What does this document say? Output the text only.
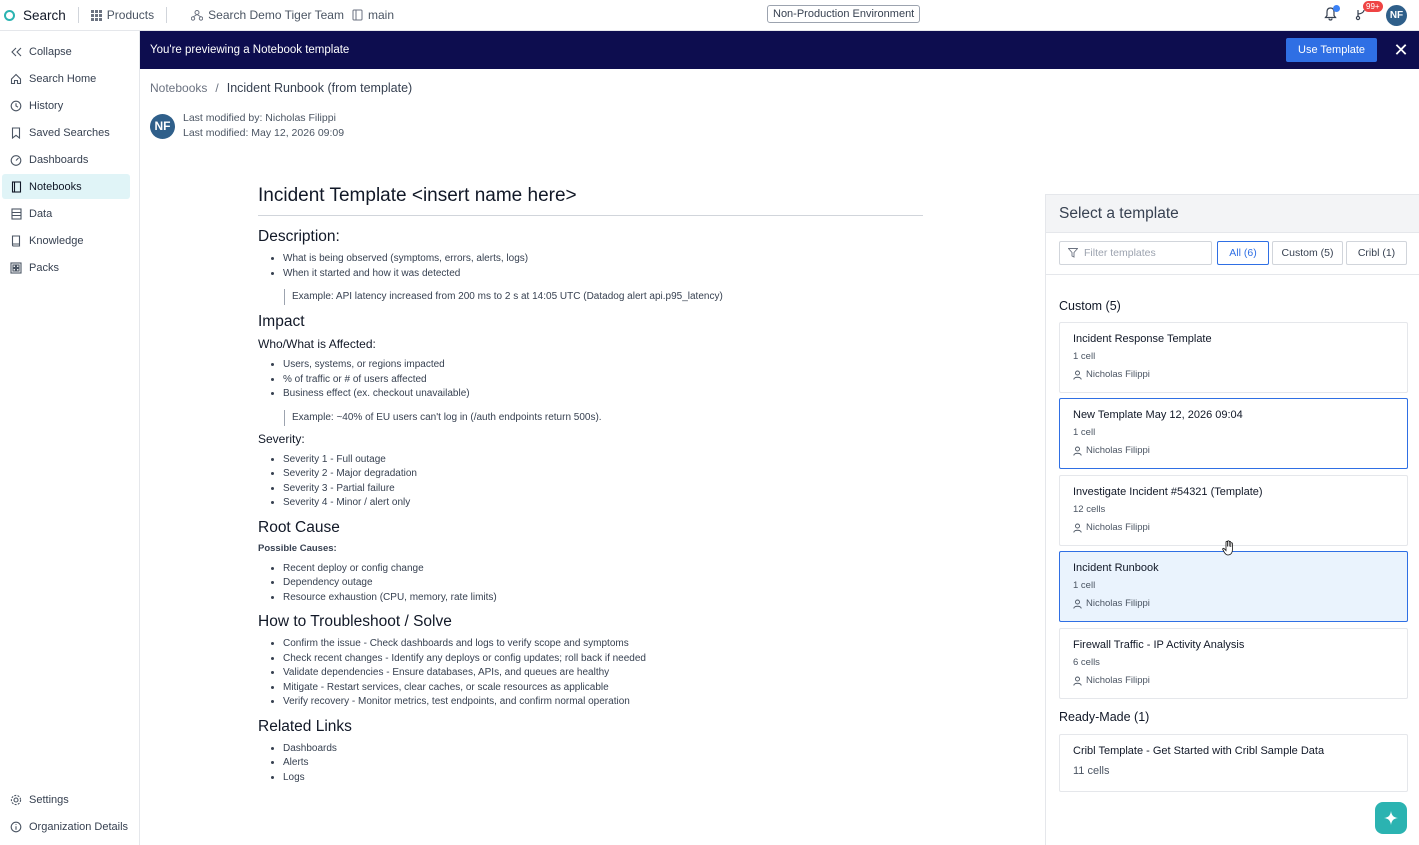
Search	Products	Search Demo Tiger Team main	Non-Production Environment
99+
NF
Collapse
Search Home
History
Saved Searches
Dashboards
Notebooks
Data
Knowledge
Packs
Settings
Organization Details
You're previewing a Notebook template	Use Template	✕
Notebooks / Incident Runbook (from template)
NF
Last modified by: Nicholas Filippi
Last modified: May 12, 2026 09:09
Incident Template <insert name here>
Description:
• What is being observed (symptoms, errors, alerts, logs)
• When it started and how it was detected
Example: API latency increased from 200 ms to 2 s at 14:05 UTC (Datadog alert api.p95_latency)
Impact
Who/What is Affected:
• Users, systems, or regions impacted
• % of traffic or # of users affected
• Business effect (ex. checkout unavailable)
Example: ~40% of EU users can't log in (/auth endpoints return 500s).
Severity:
• Severity 1 - Full outage
• Severity 2 - Major degradation
• Severity 3 - Partial failure
• Severity 4 - Minor / alert only
Root Cause
Possible Causes:
• Recent deploy or config change
• Dependency outage
• Resource exhaustion (CPU, memory, rate limits)
How to Troubleshoot / Solve
• Confirm the issue - Check dashboards and logs to verify scope and symptoms
• Check recent changes - Identify any deploys or config updates; roll back if needed
• Validate dependencies - Ensure databases, APIs, and queues are healthy
• Mitigate - Restart services, clear caches, or scale resources as applicable
• Verify recovery - Monitor metrics, test endpoints, and confirm normal operation
Related Links
• Dashboards
• Alerts
• Logs
Select a template
Filter templates	All (6)	Custom (5)	Cribl (1)
Custom (5)
Incident Response Template
1 cell
Nicholas Filippi
New Template May 12, 2026 09:04
1 cell
Nicholas Filippi
Investigate Incident #54321 (Template)
12 cells
Nicholas Filippi
Incident Runbook
1 cell
Nicholas Filippi
Firewall Traffic - IP Activity Analysis
6 cells
Nicholas Filippi
Ready-Made (1)
Cribl Template - Get Started with Cribl Sample Data
11 cells
